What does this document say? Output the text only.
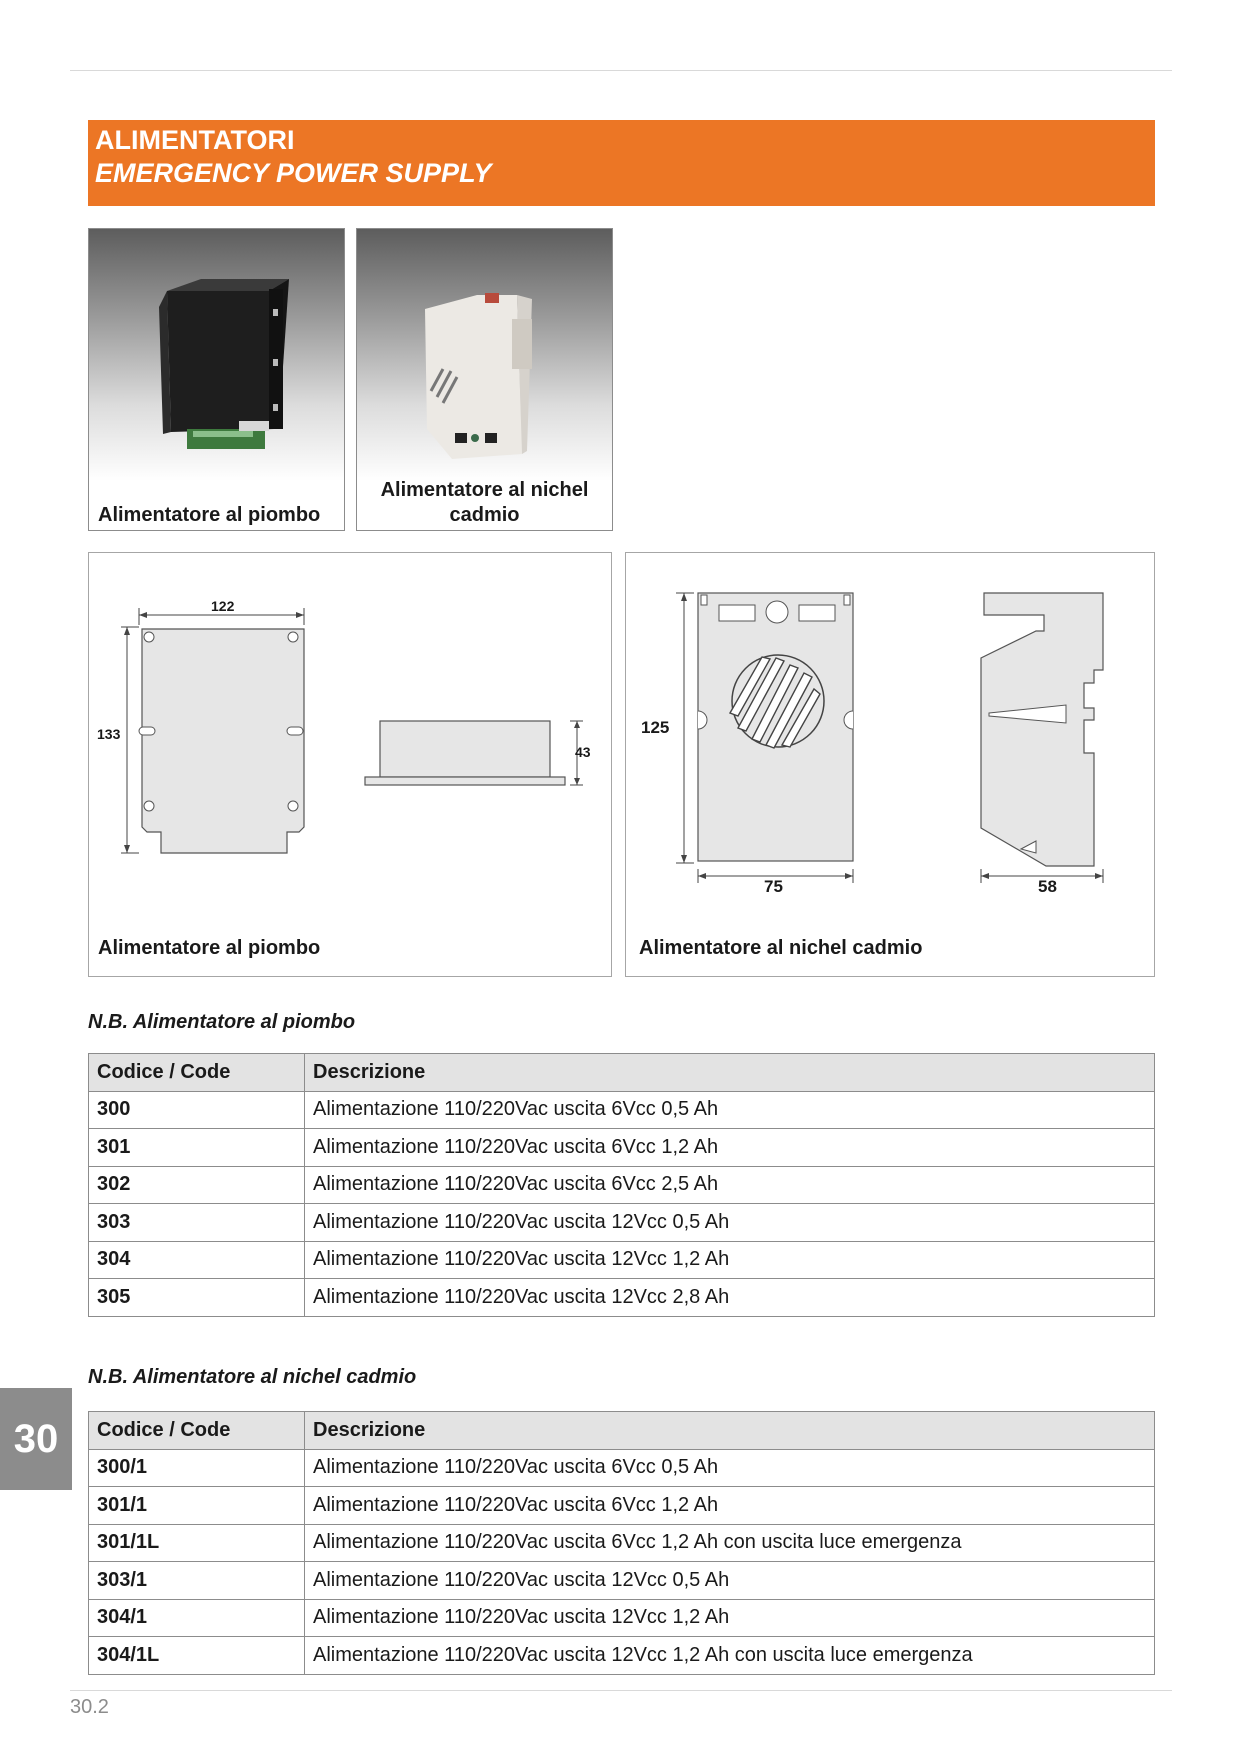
ALIMENTATORI
EMERGENCY POWER SUPPLY
Alimentatore al piombo
Alimentatore al nichel cadmio
122
133
43
Alimentatore al piombo
125
75	58
Alimentatore al nichel cadmio
N.B. Alimentatore al piombo
Codice / Code	Descrizione
300	Alimentazione 110/220Vac uscita 6Vcc 0,5 Ah
301	Alimentazione 110/220Vac uscita 6Vcc 1,2 Ah
302	Alimentazione 110/220Vac uscita 6Vcc 2,5 Ah
303	Alimentazione 110/220Vac uscita 12Vcc 0,5 Ah
304	Alimentazione 110/220Vac uscita 12Vcc 1,2 Ah
305	Alimentazione 110/220Vac uscita 12Vcc 2,8 Ah
N.B. Alimentatore al nichel cadmio
Codice / Code	Descrizione
300/1	Alimentazione 110/220Vac uscita 6Vcc 0,5 Ah
301/1	Alimentazione 110/220Vac uscita 6Vcc 1,2 Ah
301/1L	Alimentazione 110/220Vac uscita 6Vcc 1,2 Ah con uscita luce emergenza
303/1	Alimentazione 110/220Vac uscita 12Vcc 0,5 Ah
304/1	Alimentazione 110/220Vac uscita 12Vcc 1,2 Ah
304/1L	Alimentazione 110/220Vac uscita 12Vcc 1,2 Ah con uscita luce emergenza
30
30.2
